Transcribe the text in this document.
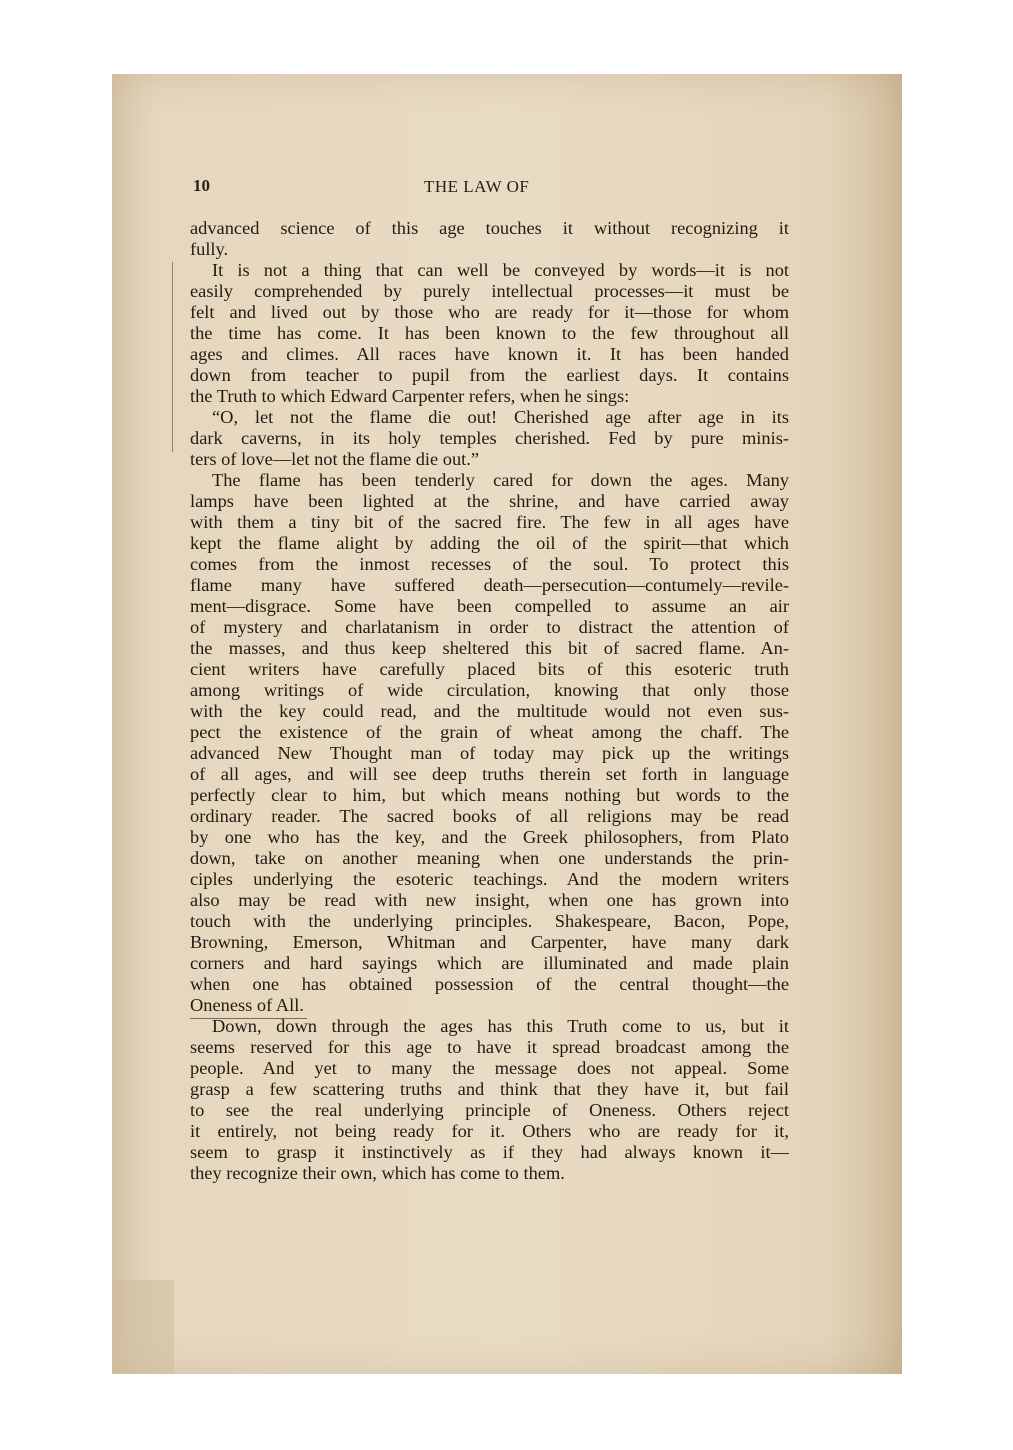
10	THE LAW OF
advanced science of this age touches it without recognizing it
fully.
It is not a thing that can well be conveyed by words—it is not
easily comprehended by purely intellectual processes—it must be
felt and lived out by those who are ready for it—those for whom
the time has come. It has been known to the few throughout all
ages and climes. All races have known it. It has been handed
down from teacher to pupil from the earliest days. It contains
the Truth to which Edward Carpenter refers, when he sings:
“O, let not the flame die out! Cherished age after age in its
dark caverns, in its holy temples cherished. Fed by pure minis-
ters of love—let not the flame die out.”
The flame has been tenderly cared for down the ages. Many
lamps have been lighted at the shrine, and have carried away
with them a tiny bit of the sacred fire. The few in all ages have
kept the flame alight by adding the oil of the spirit—that which
comes from the inmost recesses of the soul. To protect this
flame many have suffered death—persecution—contumely—revile-
ment—disgrace. Some have been compelled to assume an air
of mystery and charlatanism in order to distract the attention of
the masses, and thus keep sheltered this bit of sacred flame. An-
cient writers have carefully placed bits of this esoteric truth
among writings of wide circulation, knowing that only those
with the key could read, and the multitude would not even sus-
pect the existence of the grain of wheat among the chaff. The
advanced New Thought man of today may pick up the writings
of all ages, and will see deep truths therein set forth in language
perfectly clear to him, but which means nothing but words to the
ordinary reader. The sacred books of all religions may be read
by one who has the key, and the Greek philosophers, from Plato
down, take on another meaning when one understands the prin-
ciples underlying the esoteric teachings. And the modern writers
also may be read with new insight, when one has grown into
touch with the underlying principles. Shakespeare, Bacon, Pope,
Browning, Emerson, Whitman and Carpenter, have many dark
corners and hard sayings which are illuminated and made plain
when one has obtained possession of the central thought—the
Oneness of All.
Down, down through the ages has this Truth come to us, but it
seems reserved for this age to have it spread broadcast among the
people. And yet to many the message does not appeal. Some
grasp a few scattering truths and think that they have it, but fail
to see the real underlying principle of Oneness. Others reject
it entirely, not being ready for it. Others who are ready for it,
seem to grasp it instinctively as if they had always known it—
they recognize their own, which has come to them.
